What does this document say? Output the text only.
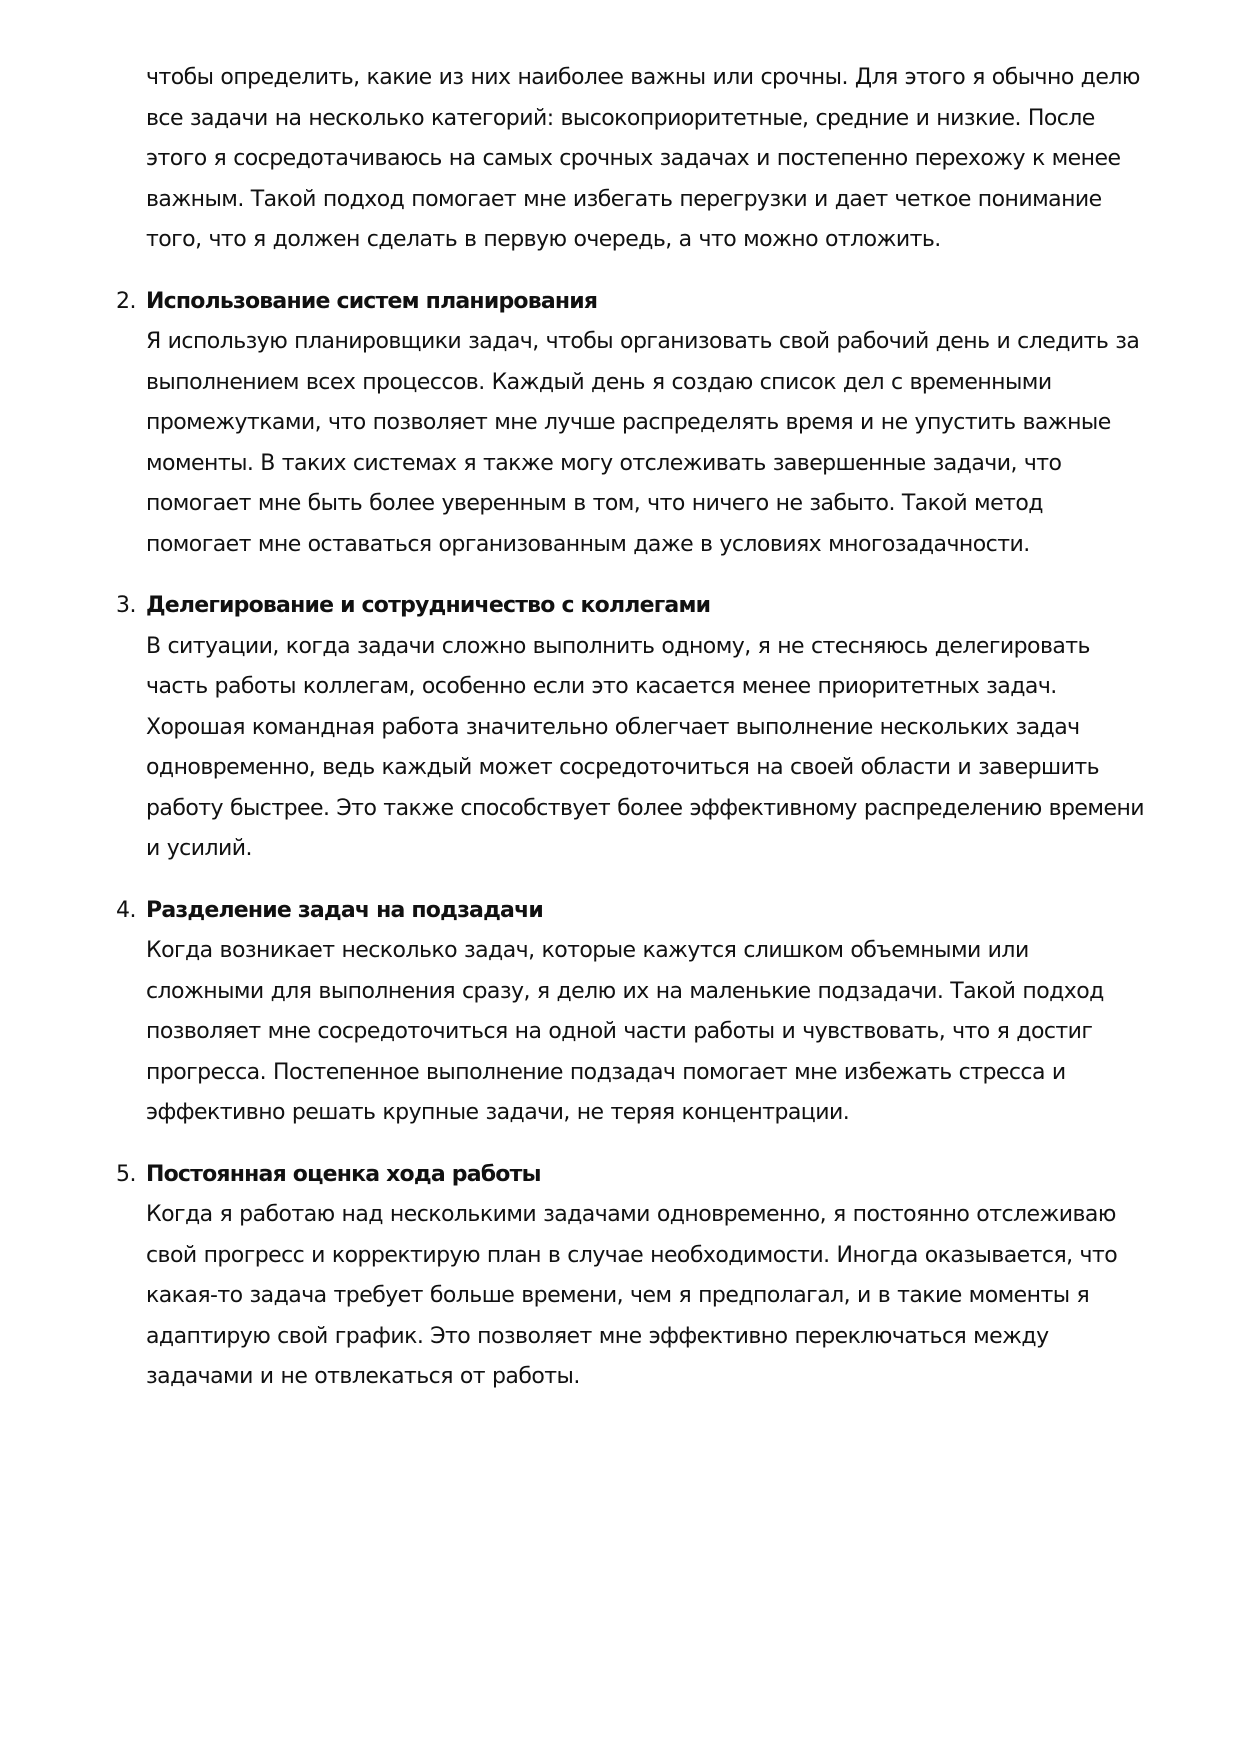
чтобы определить, какие из них наиболее важны или срочны. Для этого я обычно делю все задачи на несколько категорий: высокоприоритетные, средние и низкие. После этого я сосредотачиваюсь на самых срочных задачах и постепенно перехожу к менее важным. Такой подход помогает мне избегать перегрузки и дает четкое понимание того, что я должен сделать в первую очередь, а что можно отложить.

2. Использование систем планирования

Я использую планировщики задач, чтобы организовать свой рабочий день и следить за выполнением всех процессов. Каждый день я создаю список дел с временными промежутками, что позволяет мне лучше распределять время и не упустить важные моменты. В таких системах я также могу отслеживать завершенные задачи, что помогает мне быть более уверенным в том, что ничего не забыто. Такой метод помогает мне оставаться организованным даже в условиях многозадачности.

3. Делегирование и сотрудничество с коллегами

В ситуации, когда задачи сложно выполнить одному, я не стесняюсь делегировать часть работы коллегам, особенно если это касается менее приоритетных задач. Хорошая командная работа значительно облегчает выполнение нескольких задач одновременно, ведь каждый может сосредоточиться на своей области и завершить работу быстрее. Это также способствует более эффективному распределению времени и усилий.

4. Разделение задач на подзадачи

Когда возникает несколько задач, которые кажутся слишком объемными или сложными для выполнения сразу, я делю их на маленькие подзадачи. Такой подход позволяет мне сосредоточиться на одной части работы и чувствовать, что я достиг прогресса. Постепенное выполнение подзадач помогает мне избежать стресса и эффективно решать крупные задачи, не теряя концентрации.

5. Постоянная оценка хода работы

Когда я работаю над несколькими задачами одновременно, я постоянно отслеживаю свой прогресс и корректирую план в случае необходимости. Иногда оказывается, что какая-то задача требует больше времени, чем я предполагал, и в такие моменты я адаптирую свой график. Это позволяет мне эффективно переключаться между задачами и не отвлекаться от работы.
